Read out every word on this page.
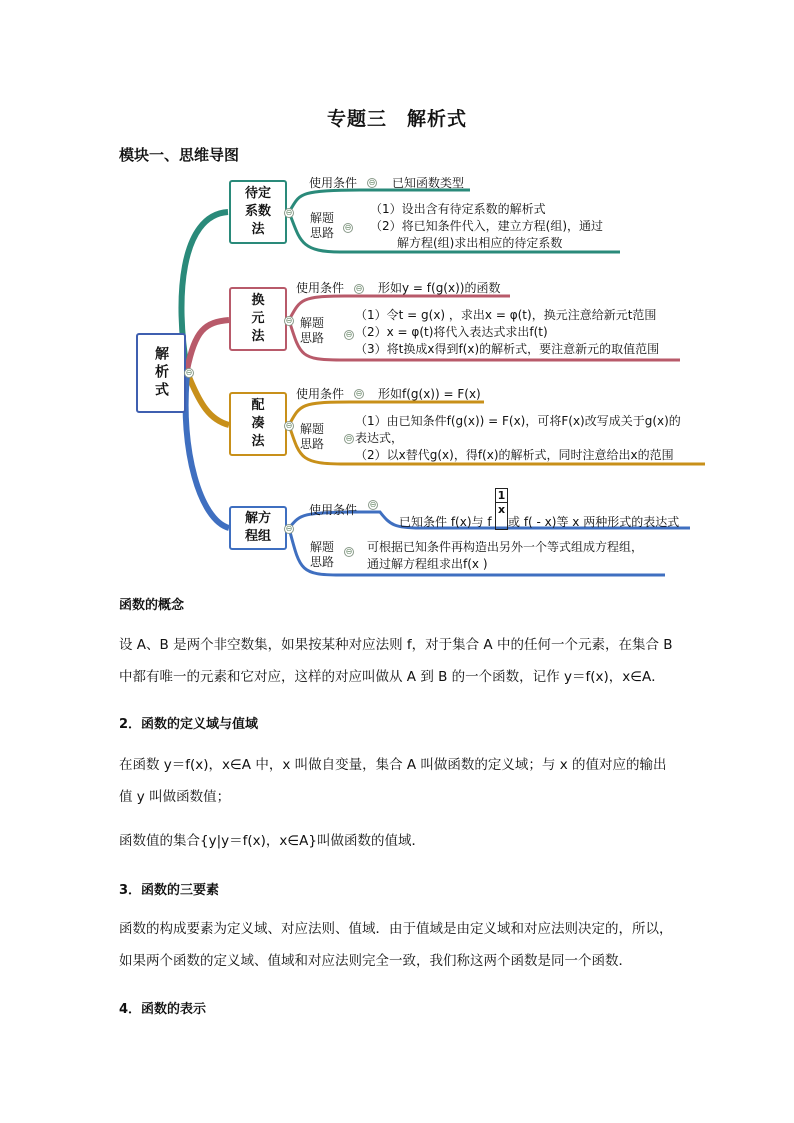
专题三　解析式
模块一、思维导图
解析式
待定系数法
换元法
配凑法
解方程组
⊖
⊖
⊖
⊖
⊖
⊖
⊖
⊖
⊖
⊖
⊖
⊖
⊖
使用条件	已知函数类型
解题思路
（1）设出含有待定系数的解析式
（2）将已知条件代入，建立方程(组)，通过
解方程(组)求出相应的待定系数
使用条件	形如y = f(g(x))的函数
解题思路
（1）令t = g(x) ，求出x = φ(t)，换元注意给新元t范围
（2）x = φ(t)将代入表达式求出f(t)
（3）将t换成x得到f(x)的解析式，要注意新元的取值范围
使用条件	形如f(g(x)) = F(x)
解题思路
（1）由已知条件f(g(x)) = F(x)，可将F(x)改写成关于g(x)的
表达式，
（2）以x替代g(x)，得f(x)的解析式，同时注意给出x的范围
使用条件
已知条件 f(x)与 f $\frac{1}{x}$ 或 f( - x)等 x 两种形式的表达式
解题思路
可根据已知条件再构造出另外一个等式组成方程组，
通过解方程组求出f(x )
函数的概念
设 A、B 是两个非空数集，如果按某种对应法则 f，对于集合 A 中的任何一个元素，在集合 B
中都有唯一的元素和它对应，这样的对应叫做从 A 到 B 的一个函数，记作 y＝f(x)，x∈A．
2．函数的定义域与值域
在函数 y＝f(x)，x∈A 中，x 叫做自变量，集合 A 叫做函数的定义域；与 x 的值对应的输出
值 y 叫做函数值；
函数值的集合{y|y＝f(x)，x∈A}叫做函数的值域．
3．函数的三要素
函数的构成要素为定义域、对应法则、值域．由于值域是由定义域和对应法则决定的，所以，
如果两个函数的定义域、值域和对应法则完全一致，我们称这两个函数是同一个函数．
4．函数的表示
